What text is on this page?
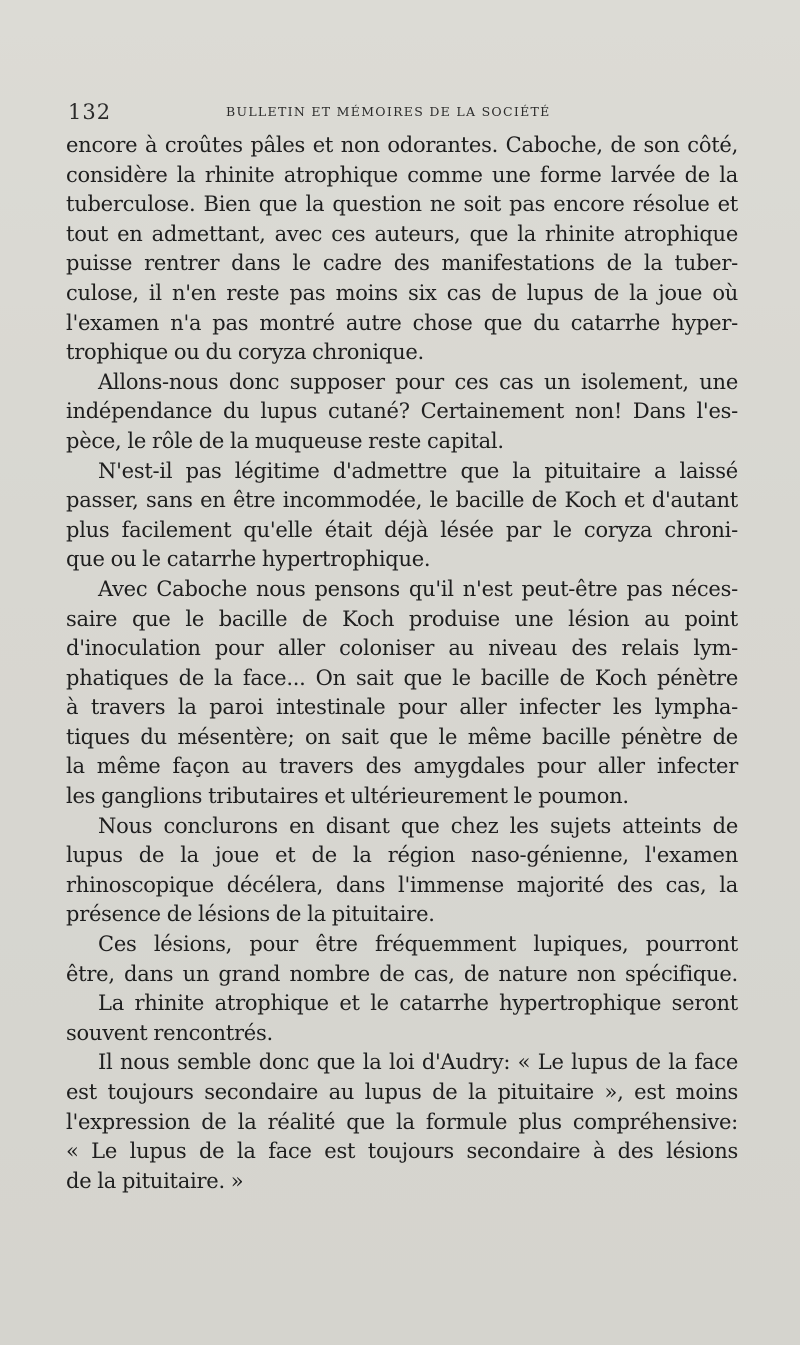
132	BULLETIN ET MÉMOIRES DE LA SOCIÉTÉ

encore à croûtes pâles et non odorantes. Caboche, de son côté,
considère la rhinite atrophique comme une forme larvée de la
tuberculose. Bien que la question ne soit pas encore résolue et
tout en admettant, avec ces auteurs, que la rhinite atrophique
puisse rentrer dans le cadre des manifestations de la tuber-
culose, il n'en reste pas moins six cas de lupus de la joue où
l'examen n'a pas montré autre chose que du catarrhe hyper-
trophique ou du coryza chronique.

Allons-nous donc supposer pour ces cas un isolement, une
indépendance du lupus cutané? Certainement non! Dans l'es-
pèce, le rôle de la muqueuse reste capital.

N'est-il pas légitime d'admettre que la pituitaire a laissé
passer, sans en être incommodée, le bacille de Koch et d'autant
plus facilement qu'elle était déjà lésée par le coryza chroni-
que ou le catarrhe hypertrophique.

Avec Caboche nous pensons qu'il n'est peut-être pas néces-
saire que le bacille de Koch produise une lésion au point
d'inoculation pour aller coloniser au niveau des relais lym-
phatiques de la face... On sait que le bacille de Koch pénètre
à travers la paroi intestinale pour aller infecter les lympha-
tiques du mésentère; on sait que le même bacille pénètre de
la même façon au travers des amygdales pour aller infecter
les ganglions tributaires et ultérieurement le poumon.

Nous conclurons en disant que chez les sujets atteints de
lupus de la joue et de la région naso-génienne, l'examen
rhinoscopique décélera, dans l'immense majorité des cas, la
présence de lésions de la pituitaire.

Ces lésions, pour être fréquemment lupiques, pourront
être, dans un grand nombre de cas, de nature non spécifique.

La rhinite atrophique et le catarrhe hypertrophique seront
souvent rencontrés.

Il nous semble donc que la loi d'Audry: « Le lupus de la face
est toujours secondaire au lupus de la pituitaire », est moins
l'expression de la réalité que la formule plus compréhensive:
« Le lupus de la face est toujours secondaire à des lésions
de la pituitaire. »
